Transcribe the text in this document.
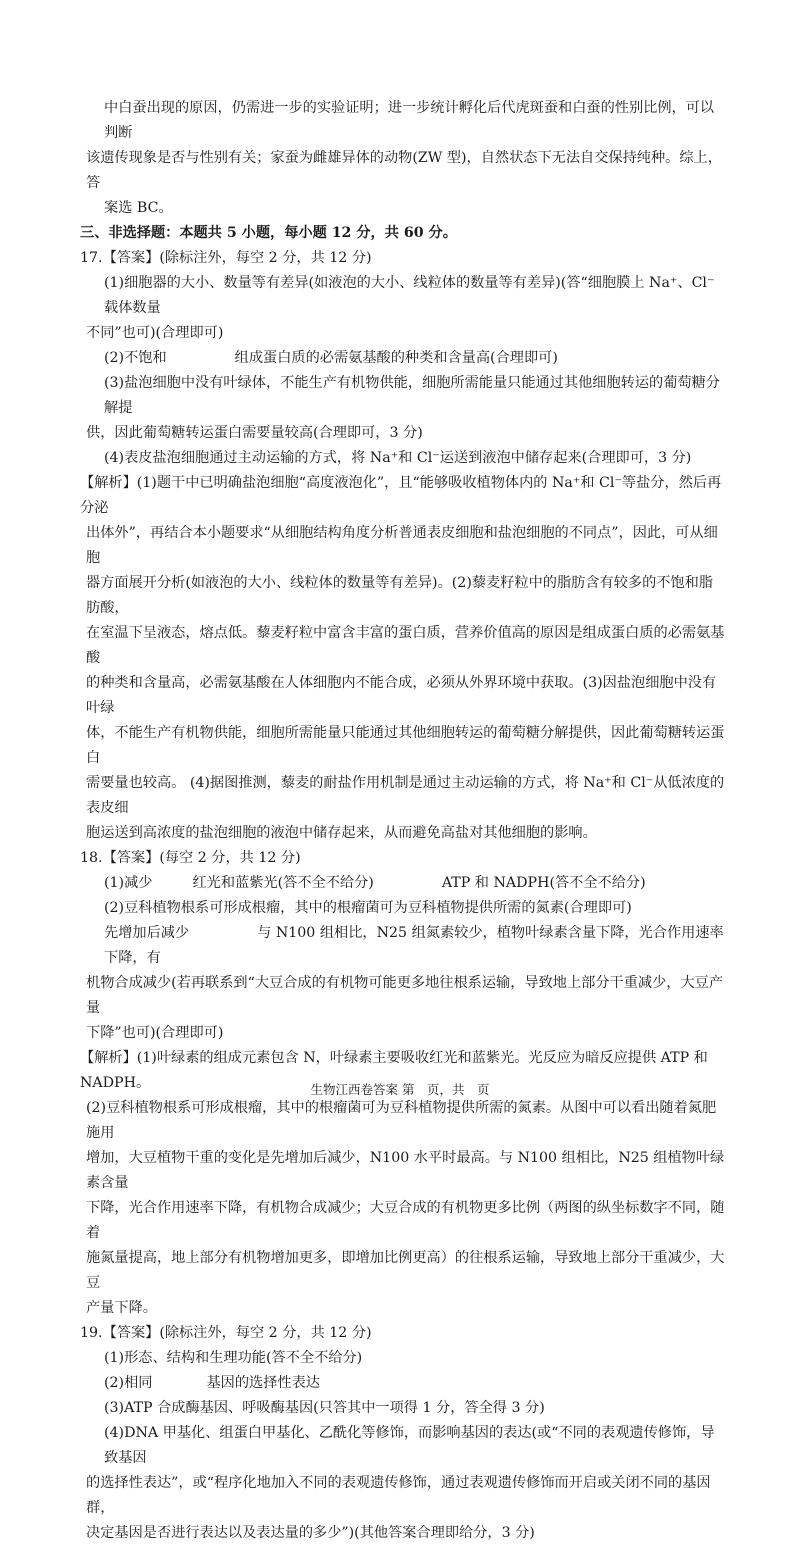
中白蚕出现的原因，仍需进一步的实验证明；进一步统计孵化后代虎斑蚕和白蚕的性别比例，可以判断

该遗传现象是否与性别有关；家蚕为雌雄异体的动物(ZW 型)，自然状态下无法自交保持纯种。综上，答

案选 BC。

三、非选择题：本题共 5 小题，每小题 12 分，共 60 分。

17.【答案】(除标注外，每空 2 分，共 12 分)

(1)细胞器的大小、数量等有差异(如液泡的大小、线粒体的数量等有差异)(答“细胞膜上 Na⁺、Cl⁻载体数量

不同”也可)(合理即可)

(2)不饱和	组成蛋白质的必需氨基酸的种类和含量高(合理即可)

(3)盐泡细胞中没有叶绿体，不能生产有机物供能，细胞所需能量只能通过其他细胞转运的葡萄糖分解提

供，因此葡萄糖转运蛋白需要量较高(合理即可，3 分)

(4)表皮盐泡细胞通过主动运输的方式，将 Na⁺和 Cl⁻运送到液泡中储存起来(合理即可，3 分)

【解析】(1)题干中已明确盐泡细胞“高度液泡化”，且“能够吸收植物体内的 Na⁺和 Cl⁻等盐分，然后再分泌

出体外”，再结合本小题要求“从细胞结构角度分析普通表皮细胞和盐泡细胞的不同点”，因此，可从细胞

器方面展开分析(如液泡的大小、线粒体的数量等有差异)。(2)藜麦籽粒中的脂肪含有较多的不饱和脂肪酸，

在室温下呈液态，熔点低。藜麦籽粒中富含丰富的蛋白质，营养价值高的原因是组成蛋白质的必需氨基酸

的种类和含量高，必需氨基酸在人体细胞内不能合成，必须从外界环境中获取。(3)因盐泡细胞中没有叶绿

体，不能生产有机物供能，细胞所需能量只能通过其他细胞转运的葡萄糖分解提供，因此葡萄糖转运蛋白

需要量也较高。 (4)据图推测，藜麦的耐盐作用机制是通过主动运输的方式，将 Na⁺和 Cl⁻从低浓度的表皮细

胞运送到高浓度的盐泡细胞的液泡中储存起来，从而避免高盐对其他细胞的影响。

18.【答案】(每空 2 分，共 12 分)

(1)减少	红光和蓝紫光(答不全不给分)	ATP 和 NADPH(答不全不给分)

(2)豆科植物根系可形成根瘤，其中的根瘤菌可为豆科植物提供所需的氮素(合理即可)

先增加后减少	与 N100 组相比，N25 组氮素较少，植物叶绿素含量下降，光合作用速率下降，有

机物合成减少(若再联系到“大豆合成的有机物可能更多地往根系运输，导致地上部分干重减少，大豆产量

下降”也可)(合理即可)

【解析】(1)叶绿素的组成元素包含 N，叶绿素主要吸收红光和蓝紫光。光反应为暗反应提供 ATP 和 NADPH。

(2)豆科植物根系可形成根瘤，其中的根瘤菌可为豆科植物提供所需的氮素。从图中可以看出随着氮肥施用

增加，大豆植物干重的变化是先增加后减少，N100 水平时最高。与 N100 组相比，N25 组植物叶绿素含量

下降，光合作用速率下降，有机物合成减少；大豆合成的有机物更多比例（两图的纵坐标数字不同，随着

施氮量提高，地上部分有机物增加更多，即增加比例更高）的往根系运输，导致地上部分干重减少，大豆

产量下降。

19.【答案】(除标注外，每空 2 分，共 12 分)

(1)形态、结构和生理功能(答不全不给分)

(2)相同	基因的选择性表达

(3)ATP 合成酶基因、呼吸酶基因(只答其中一项得 1 分，答全得 3 分)

(4)DNA 甲基化、组蛋白甲基化、乙酰化等修饰，而影响基因的表达(或“不同的表观遗传修饰，导致基因

的选择性表达”，或“程序化地加入不同的表观遗传修饰，通过表观遗传修饰而开启或关闭不同的基因群，

决定基因是否进行表达以及表达量的多少”)(其他答案合理即给分，3 分)

生物江西卷答案 第　页，共　页
